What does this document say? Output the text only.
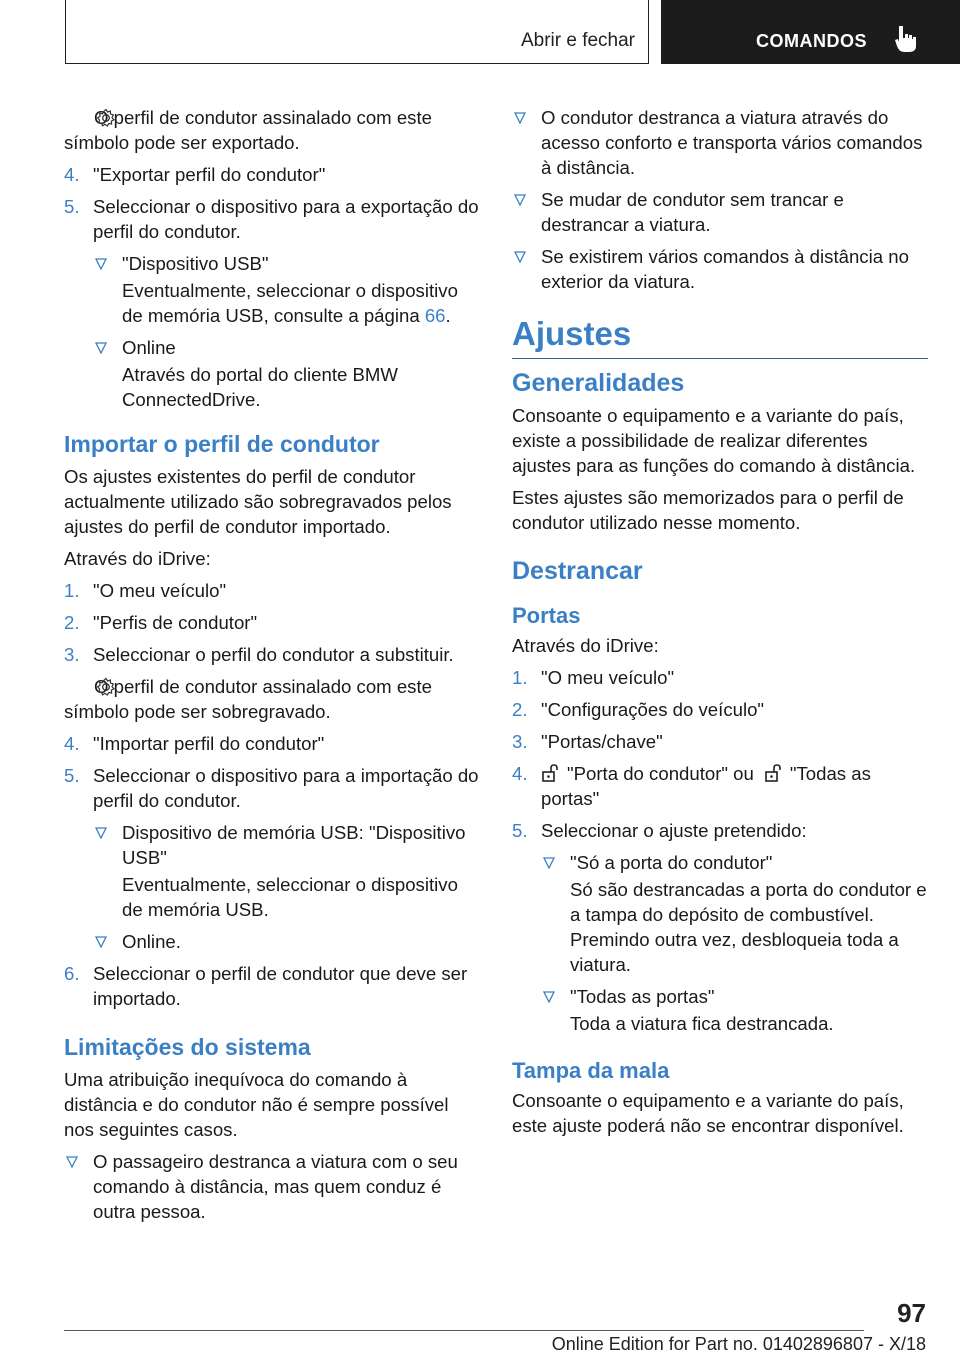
Abrir e fechar	COMANDOS
O perfil de condutor assinalado com este símbolo pode ser exportado.
4. "Exportar perfil do condutor"
5. Seleccionar o dispositivo para a exportação do perfil do condutor.
"Dispositivo USB"
Eventualmente, seleccionar o dispositivo de memória USB, consulte a página 66.
Online
Através do portal do cliente BMW ConnectedDrive.
Importar o perfil de condutor

Os ajustes existentes do perfil de condutor actualmente utilizado são sobregravados pelos ajustes do perfil de condutor importado.

Através do iDrive:

1. "O meu veículo"
2. "Perfis de condutor"
3. Seleccionar o perfil do condutor a substituir.
O perfil de condutor assinalado com este símbolo pode ser sobregravado.
4. "Importar perfil do condutor"
5. Seleccionar o dispositivo para a importação do perfil do condutor.
Dispositivo de memória USB: "Dispositivo USB"
Eventualmente, seleccionar o dispositivo de memória USB.
Online.
6. Seleccionar o perfil de condutor que deve ser importado.
Limitações do sistema

Uma atribuição inequívoca do comando à distância e do condutor não é sempre possível nos seguintes casos.

O passageiro destranca a viatura com o seu comando à distância, mas quem conduz é outra pessoa.
O condutor destranca a viatura através do acesso conforto e transporta vários comandos à distância.
Se mudar de condutor sem trancar e destrancar a viatura.
Se existirem vários comandos à distância no exterior da viatura.
Ajustes
Generalidades

Consoante o equipamento e a variante do país, existe a possibilidade de realizar diferentes ajustes para as funções do comando à distância.

Estes ajustes são memorizados para o perfil de condutor utilizado nesse momento.

Destrancar
Portas

Através do iDrive:

1. "O meu veículo"
2. "Configurações do veículo"
3. "Portas/chave"
4. "Porta do condutor" ou "Todas as portas"
5. Seleccionar o ajuste pretendido:
"Só a porta do condutor"
Só são destrancadas a porta do condutor e a tampa do depósito de combustível. Premindo outra vez, desbloqueia toda a viatura.
"Todas as portas"
Toda a viatura fica destrancada.
Tampa da mala

Consoante o equipamento e a variante do país, este ajuste poderá não se encontrar disponível.

97
Online Edition for Part no. 01402896807 - X/18
